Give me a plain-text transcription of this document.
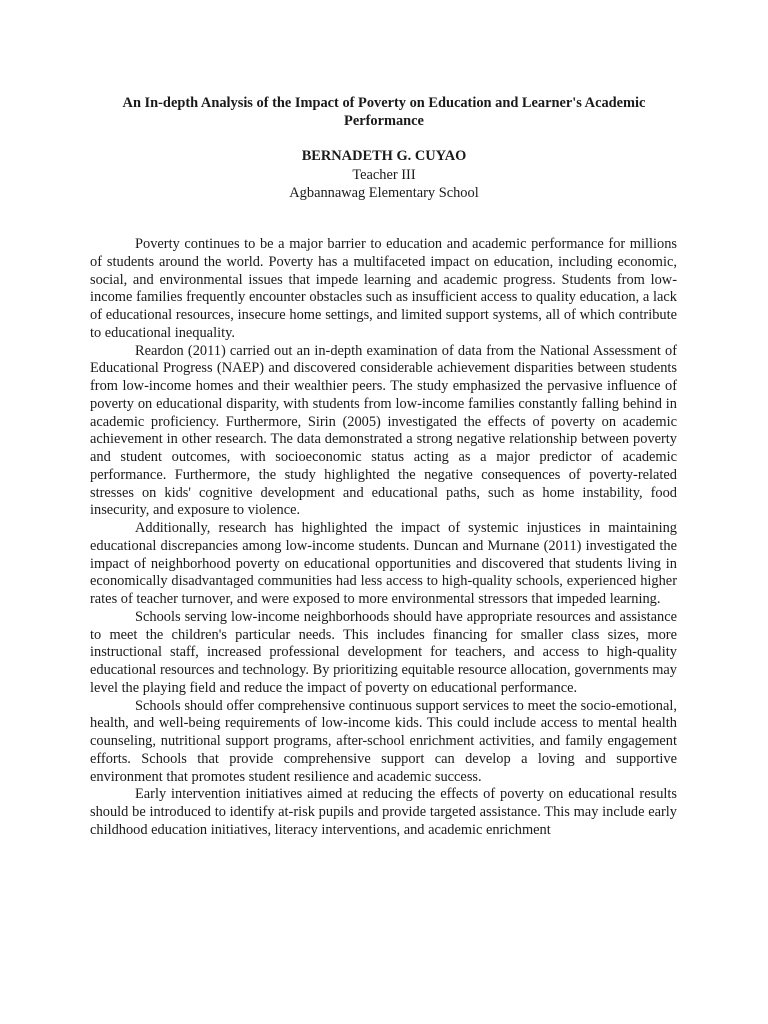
An In-depth Analysis of the Impact of Poverty on Education and Learner's Academic Performance
BERNADETH G. CUYAO
Teacher III
Agbannawag Elementary School

Poverty continues to be a major barrier to education and academic performance for millions of students around the world. Poverty has a multifaceted impact on education, including economic, social, and environmental issues that impede learning and academic progress. Students from low-income families frequently encounter obstacles such as insufficient access to quality education, a lack of educational resources, insecure home settings, and limited support systems, all of which contribute to educational inequality.

Reardon (2011) carried out an in-depth examination of data from the National Assessment of Educational Progress (NAEP) and discovered considerable achievement disparities between students from low-income homes and their wealthier peers. The study emphasized the pervasive influence of poverty on educational disparity, with students from low-income families constantly falling behind in academic proficiency. Furthermore, Sirin (2005) investigated the effects of poverty on academic achievement in other research. The data demonstrated a strong negative relationship between poverty and student outcomes, with socioeconomic status acting as a major predictor of academic performance. Furthermore, the study highlighted the negative consequences of poverty-related stresses on kids' cognitive development and educational paths, such as home instability, food insecurity, and exposure to violence.

Additionally, research has highlighted the impact of systemic injustices in maintaining educational discrepancies among low-income students. Duncan and Murnane (2011) investigated the impact of neighborhood poverty on educational opportunities and discovered that students living in economically disadvantaged communities had less access to high-quality schools, experienced higher rates of teacher turnover, and were exposed to more environmental stressors that impeded learning.

Schools serving low-income neighborhoods should have appropriate resources and assistance to meet the children's particular needs. This includes financing for smaller class sizes, more instructional staff, increased professional development for teachers, and access to high-quality educational resources and technology. By prioritizing equitable resource allocation, governments may level the playing field and reduce the impact of poverty on educational performance.

Schools should offer comprehensive continuous support services to meet the socio-emotional, health, and well-being requirements of low-income kids. This could include access to mental health counseling, nutritional support programs, after-school enrichment activities, and family engagement efforts. Schools that provide comprehensive support can develop a loving and supportive environment that promotes student resilience and academic success.

Early intervention initiatives aimed at reducing the effects of poverty on educational results should be introduced to identify at-risk pupils and provide targeted assistance. This may include early childhood education initiatives, literacy interventions, and academic enrichment
